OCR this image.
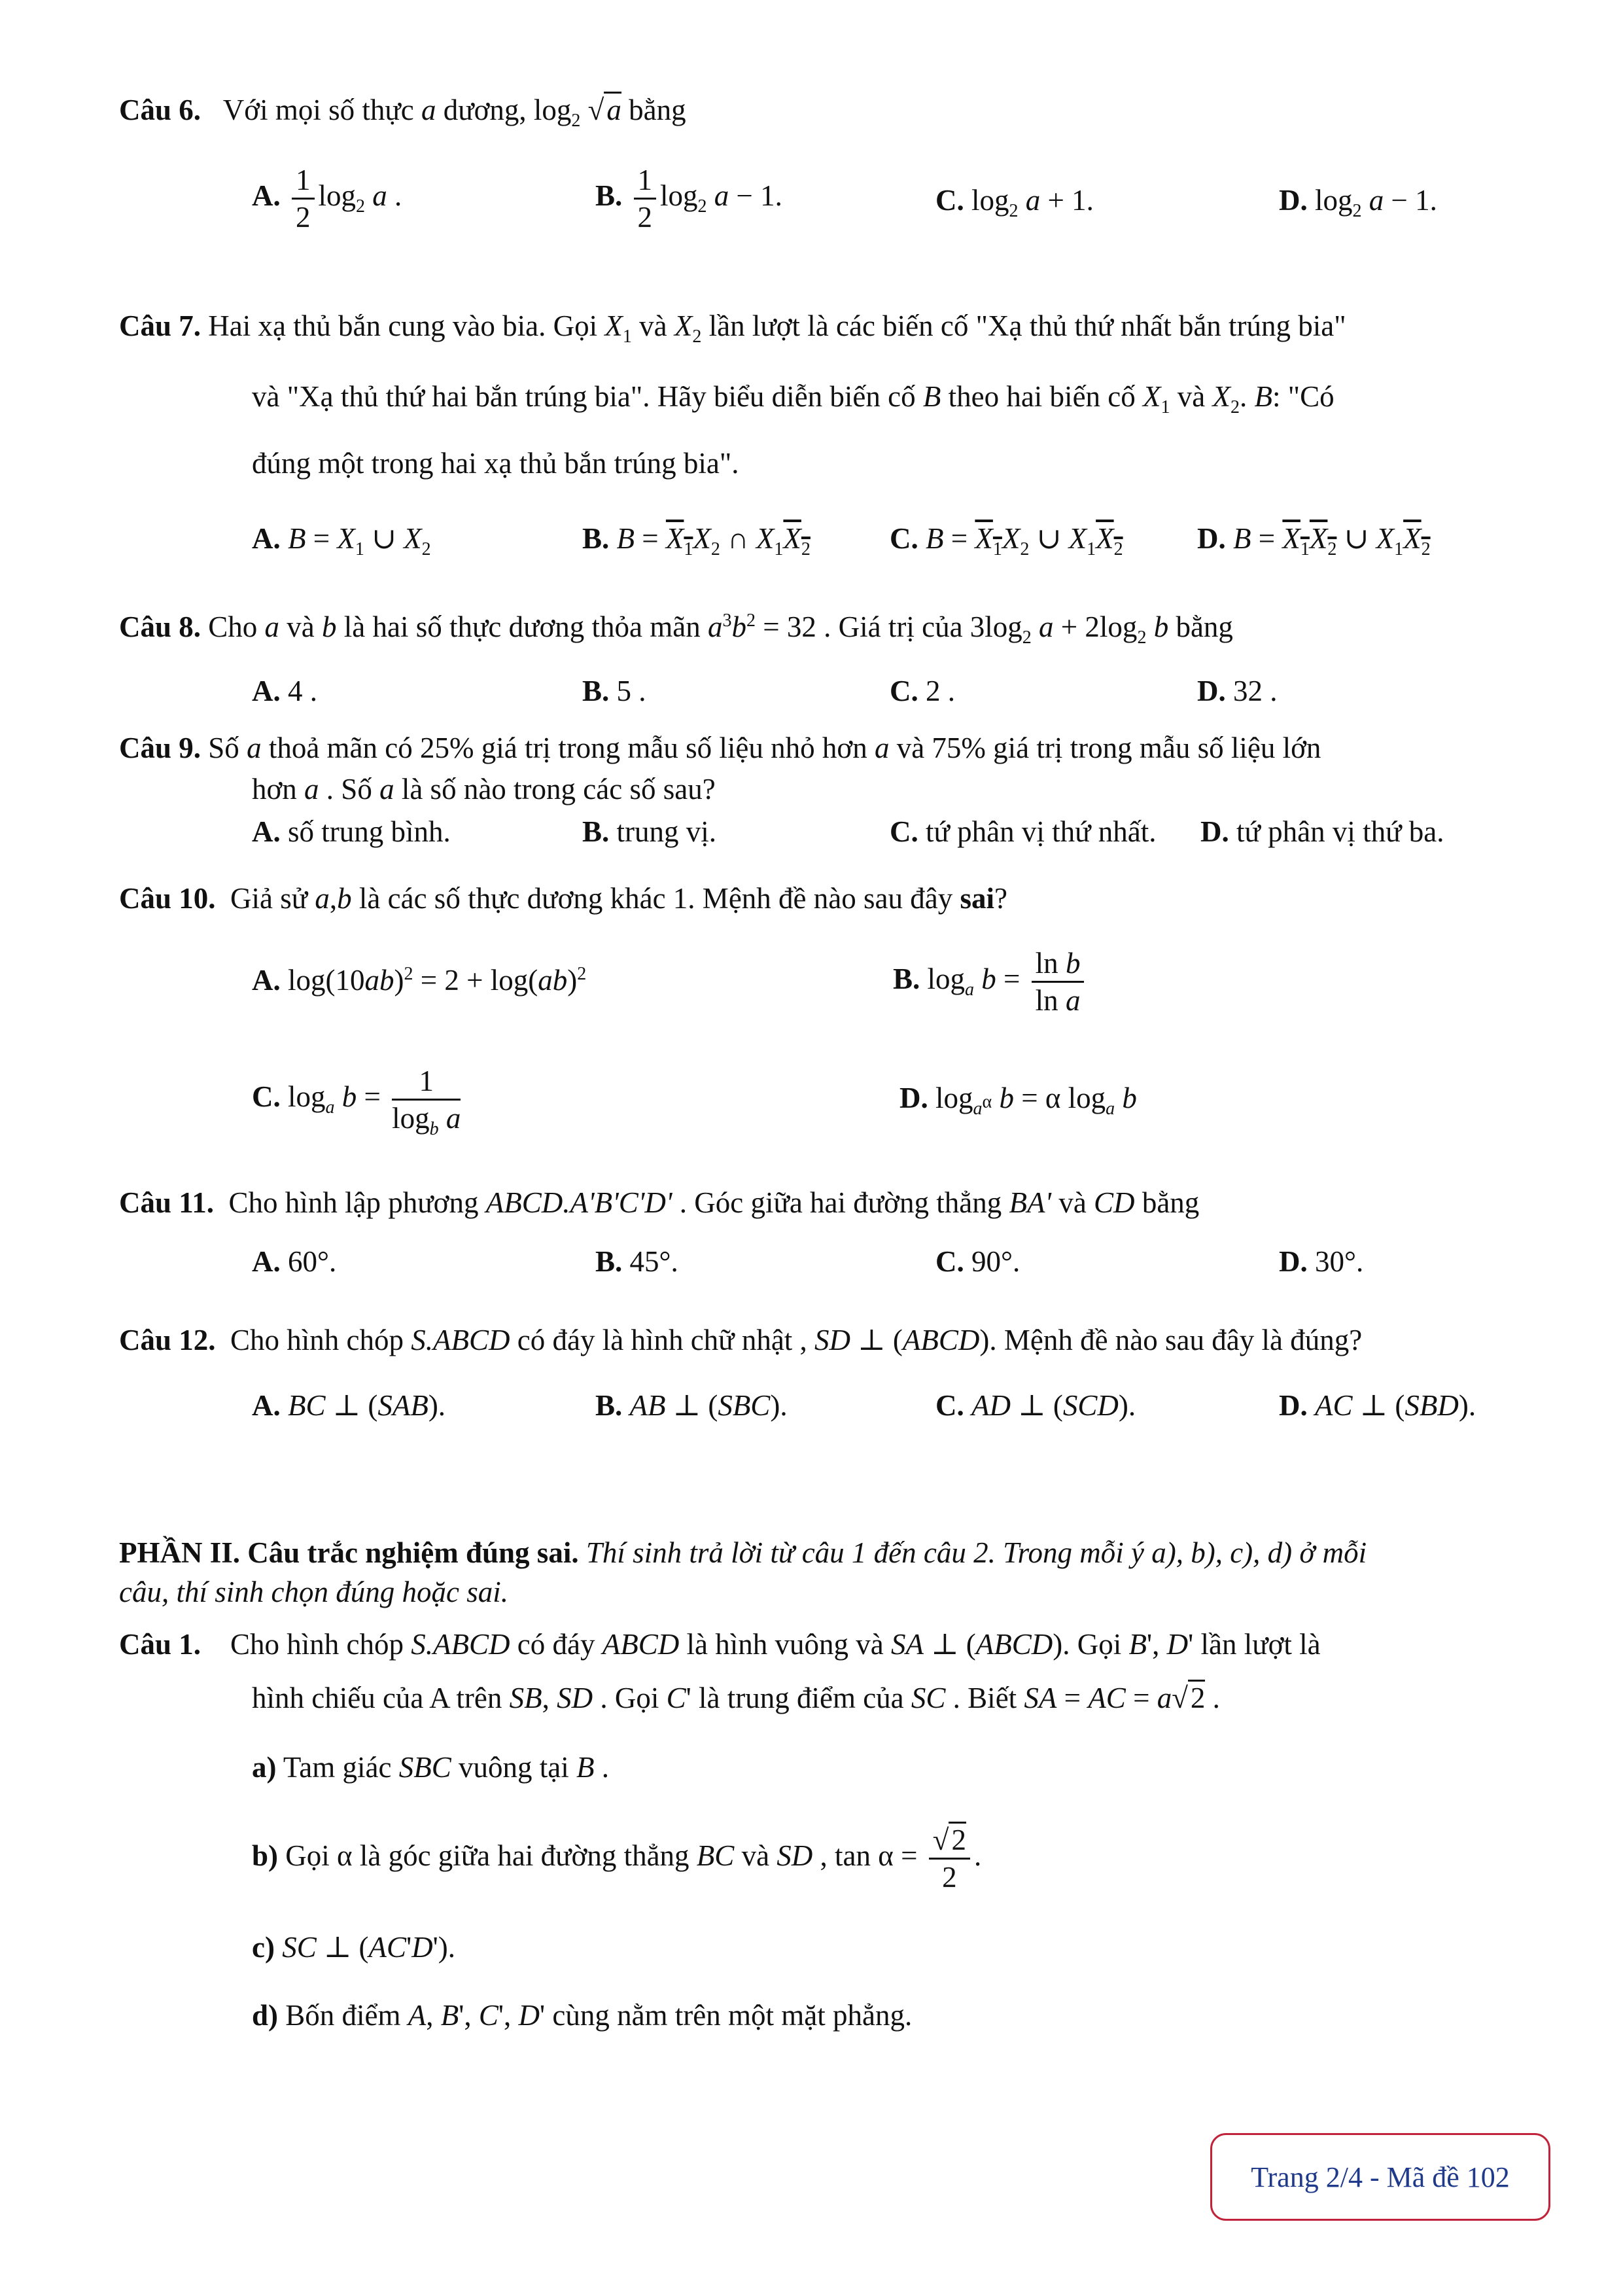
Câu 6.   Với mọi số thực a dương, $\log_2 √a$ bằng
A. $\frac{1}{2} \log_2 a$ .	B. $\frac{1}{2} \log_2 a - 1$.	C. $\log_2 a + 1$.	D. $\log_2 a - 1$.
Câu 7. Hai xạ thủ bắn cung vào bia. Gọi $X_1$ và $X_2$ lần lượt là các biến cố "Xạ thủ thứ nhất bắn trúng bia"
và "Xạ thủ thứ hai bắn trúng bia". Hãy biểu diễn biến cố B theo hai biến cố $X_1$ và $X_2$. B: "Có
đúng một trong hai xạ thủ bắn trúng bia".
A. $B = X_1$ ∪ $X_2$	B. $B = X_1X_2$ ∩ $X_1X_2$	C. $B = X_1X_2$ ∪ $X_1X_2$	D. $B = X_1X_2$ ∪ $X_1X_2$
Câu 8. Cho a và b là hai số thực dương thỏa mãn $a^3b^2 = 32$ . Giá trị của $3\log_2$ $a + 2\log_2$ b bằng
A. 4 .	B. 5 .	C. 2 .	D. 32 .
Câu 9. Số a thoả mãn có 25% giá trị trong mẫu số liệu nhỏ hơn a và 75% giá trị trong mẫu số liệu lớn
hơn a . Số a là số nào trong các số sau?
A. số trung bình.	B. trung vị.	C. tứ phân vị thứ nhất. D. tứ phân vị thứ ba.
Câu 10.  Giả sử a,b là các số thực dương khác 1. Mệnh đề nào sau đây sai?
A. $\log(10ab)^2 = 2 + \log(ab)^2$	B. $\log_a b = \frac{\text{ln b}}{\text{ln a}}$
C. $\log_a b = \frac{1}{\log_b a}$	D. $\log_{a^\alpha} b = \alpha$ $\log_a b$
Câu 11.  Cho hình lập phương ABCD.A'B'C'D' . Góc giữa hai đường thẳng BA' và CD bằng
A. 60°.	B. 45°.	C. 90°.	D. 30°.
Câu 12.  Cho hình chóp S.ABCD có đáy là hình chữ nhật , SD ⊥ (ABCD). Mệnh đề nào sau đây là đúng?
A. BC ⊥ (SAB).	B. AB ⊥ (SBC).	C. AD ⊥ (SCD).	D. AC ⊥ (SBD).
PHẦN II. Câu trắc nghiệm đúng sai. Thí sinh trả lời từ câu 1 đến câu 2. Trong mỗi ý a), b), c), d) ở mỗi
câu, thí sinh chọn đúng hoặc sai.
Câu 1.    Cho hình chóp S.ABCD có đáy ABCD là hình vuông và SA ⊥ (ABCD). Gọi B', D' lần lượt là
hình chiếu của A trên SB, SD . Gọi C' là trung điểm của SC . Biết SA = AC = a√2 .
a) Tam giác SBC vuông tại B .
b) Gọi α là góc giữa hai đường thẳng BC và SD , $\tan \alpha = \frac{√2}{2}$ .
c) SC ⊥ (AC'D').
d) Bốn điểm A, B', C', D' cùng nằm trên một mặt phẳng.
Trang 2/4 - Mã đề 102
